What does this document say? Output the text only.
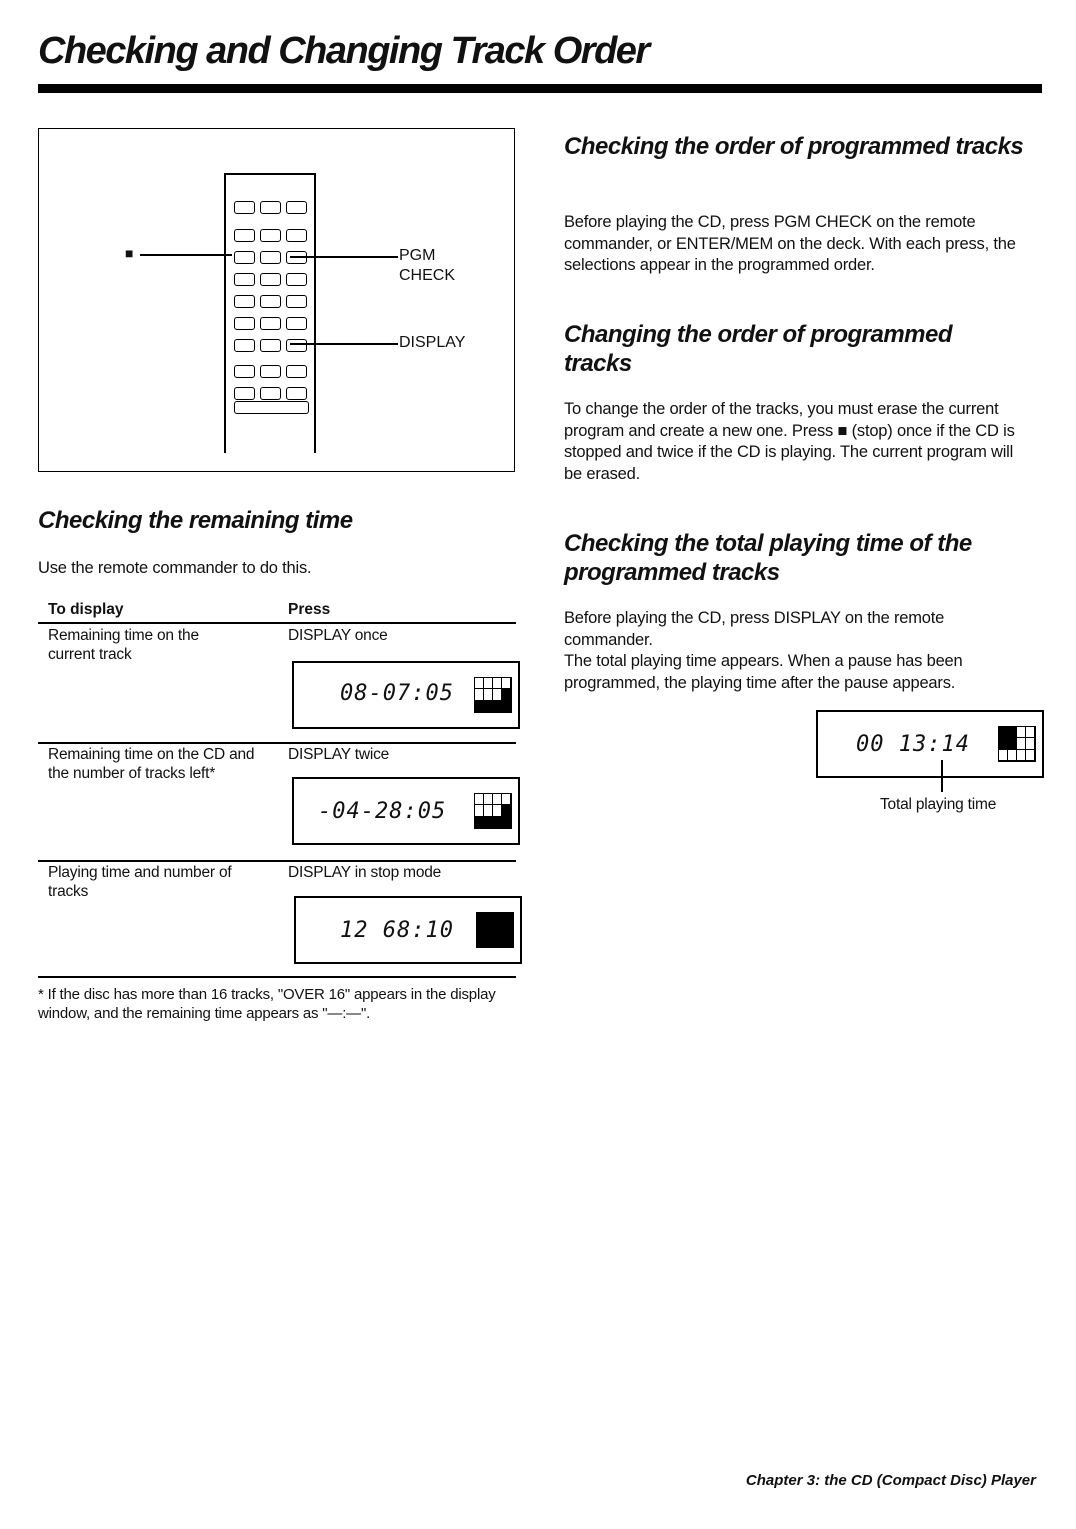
Checking and Changing Track Order
■	PGM
CHECK
DISPLAY
Checking the remaining time
Use the remote commander to do this.
To display	Press
Remaining time on the current track
DISPLAY once
08-07:05
Remaining time on the CD and the number of tracks left*
DISPLAY twice
-04-28:05
Playing time and number of tracks
DISPLAY in stop mode
12 68:10
* If the disc has more than 16 tracks, "OVER 16" appears in the display window, and the remaining time appears as "—:—".
Checking the order of programmed tracks
Before playing the CD, press PGM CHECK on the remote commander, or ENTER/MEM on the deck. With each press, the selections appear in the programmed order.
Changing the order of programmed tracks
To change the order of the tracks, you must erase the current program and create a new one. Press ■ (stop) once if the CD is stopped and twice if the CD is playing. The current program will be erased.
Checking the total playing time of the programmed tracks
Before playing the CD, press DISPLAY on the remote commander.
The total playing time appears. When a pause has been programmed, the playing time after the pause appears.
00 13:14
Total playing time
Chapter 3: the CD (Compact Disc) Player
